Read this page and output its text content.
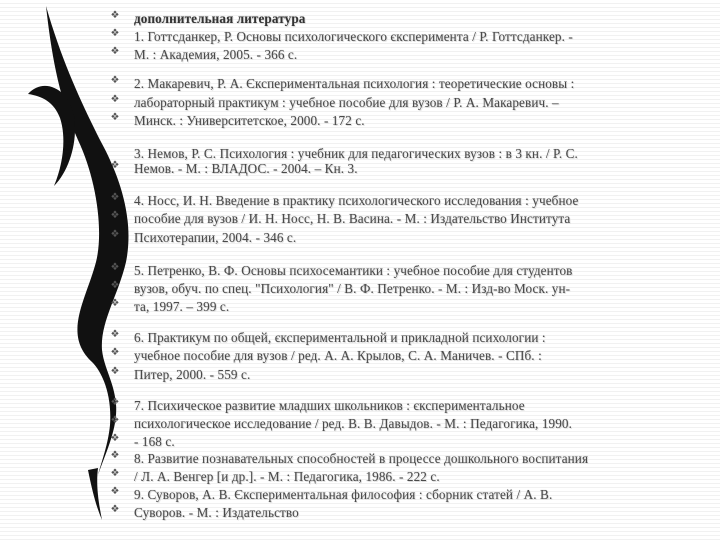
❖ дополнительная литература
❖ 1. Готтсданкер, Р. Основы психологического єксперимента / Р. Готтсданкер. -
❖ М. : Академия, 2005. - 366 с.
❖ 2. Макаревич, Р. А. Єкспериментальная психология : теоретические основы :
❖ лабораторный практикум : учебное пособие для вузов / Р. А. Макаревич. –
❖ Минск. : Университетское, 2000. - 172 с.
3. Немов, Р. С. Психология : учебник для педагогических вузов : в 3 кн. / Р. С.
❖ Немов. - М. : ВЛАДОС. - 2004. – Кн. 3.
❖ 4. Носс, И. Н. Введение в практику психологического исследования : учебное
❖ пособие для вузов / И. Н. Носс, Н. В. Васина. - М. : Издательство Института
❖ Психотерапии, 2004. - 346 с.
❖ 5. Петренко, В. Ф. Основы психосемантики : учебное пособие для студентов
❖ вузов, обуч. по спец. "Психология" / В. Ф. Петренко. - М. : Изд-во Моск. ун-
❖ та, 1997. – 399 с.
❖ 6. Практикум по общей, єкспериментальной и прикладной психологии :
❖ учебное пособие для вузов / ред. А. А. Крылов, С. А. Маничев. - СПб. :
❖ Питер, 2000. - 559 с.
❖ 7. Психическое развитие младших школьников : єкспериментальное
❖ психологическое исследование / ред. В. В. Давыдов. - М. : Педагогика, 1990.
❖ - 168 с.
❖ 8. Развитие познавательных способностей в процессе дошкольного воспитания
❖ / Л. А. Венгер [и др.]. - М. : Педагогика, 1986. - 222 с.
❖ 9. Суворов, А. В. Єкспериментальная философия : сборник статей / А. В.
❖ Суворов. - М. : Издательство
